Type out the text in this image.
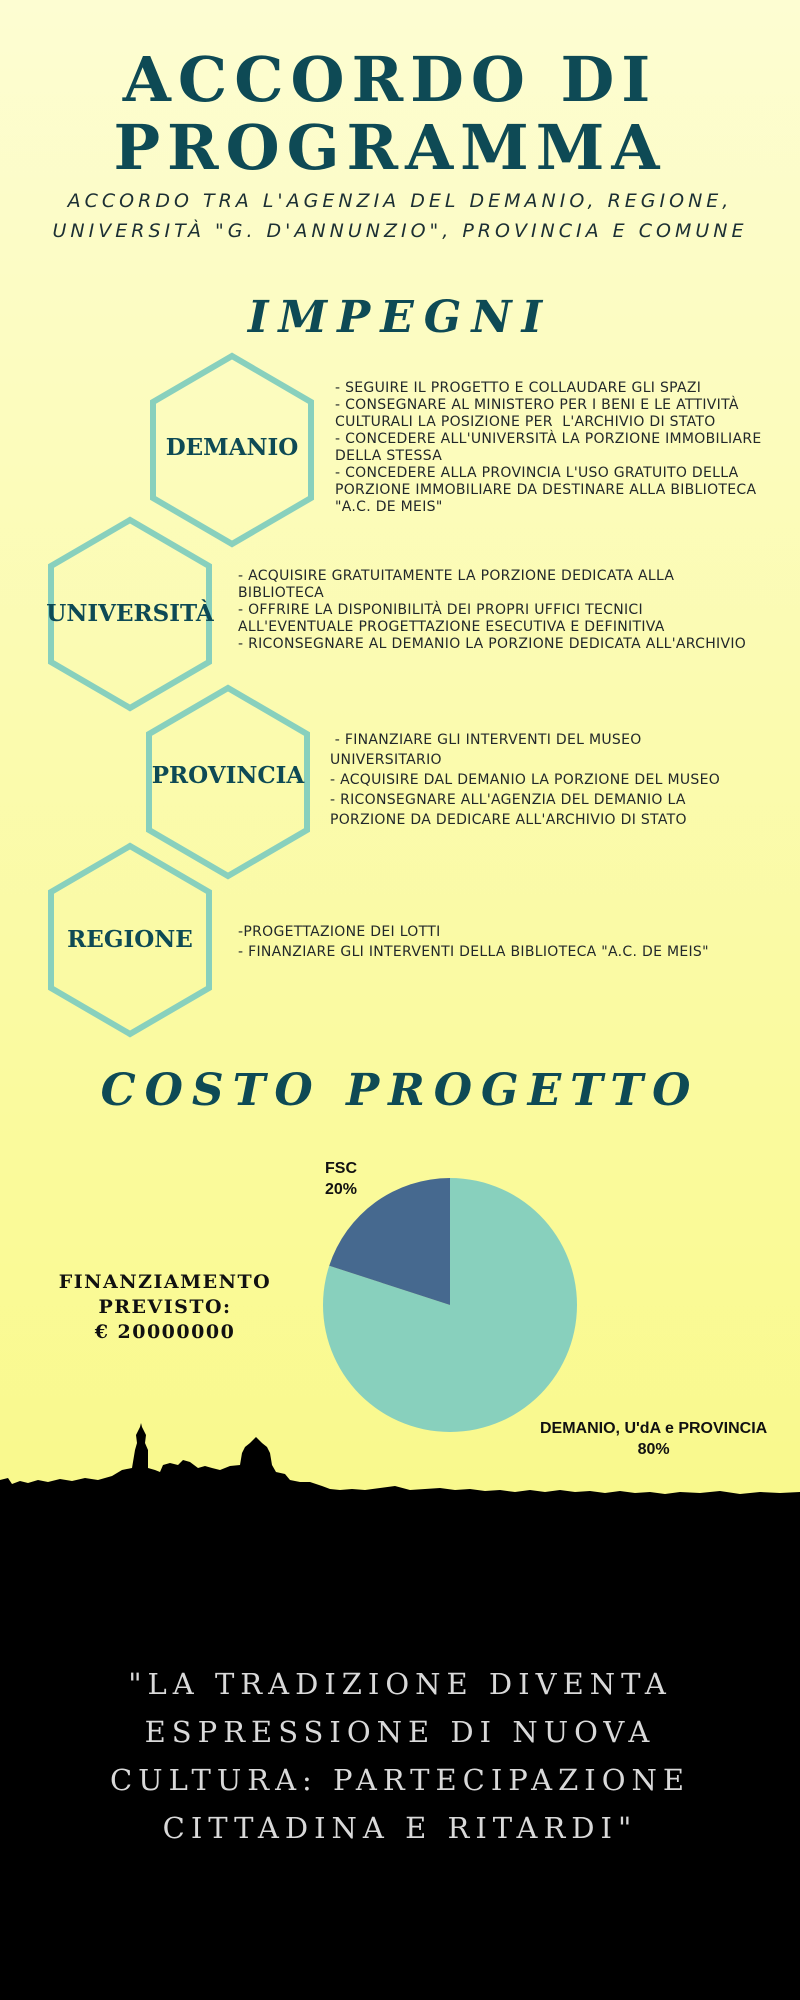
ACCORDO DI
PROGRAMMA
ACCORDO TRA L'AGENZIA DEL DEMANIO, REGIONE,
UNIVERSITÀ "G. D'ANNUNZIO", PROVINCIA E COMUNE
IMPEGNI
DEMANIO
- SEGUIRE IL PROGETTO E COLLAUDARE GLI SPAZI
- CONSEGNARE AL MINISTERO PER I BENI E LE ATTIVITÀ
CULTURALI LA POSIZIONE PER  L'ARCHIVIO DI STATO
- CONCEDERE ALL'UNIVERSITÀ LA PORZIONE IMMOBILIARE
DELLA STESSA
- CONCEDERE ALLA PROVINCIA L'USO GRATUITO DELLA
PORZIONE IMMOBILIARE DA DESTINARE ALLA BIBLIOTECA
"A.C. DE MEIS"
UNIVERSITÀ
- ACQUISIRE GRATUITAMENTE LA PORZIONE DEDICATA ALLA
BIBLIOTECA
- OFFRIRE LA DISPONIBILITÀ DEI PROPRI UFFICI TECNICI
ALL'EVENTUALE PROGETTAZIONE ESECUTIVA E DEFINITIVA
- RICONSEGNARE AL DEMANIO LA PORZIONE DEDICATA ALL'ARCHIVIO
PROVINCIA
- FINANZIARE GLI INTERVENTI DEL MUSEO
UNIVERSITARIO
- ACQUISIRE DAL DEMANIO LA PORZIONE DEL MUSEO
- RICONSEGNARE ALL'AGENZIA DEL DEMANIO LA
PORZIONE DA DEDICARE ALL'ARCHIVIO DI STATO
REGIONE	-PROGETTAZIONE DEI LOTTI
- FINANZIARE GLI INTERVENTI DELLA BIBLIOTECA "A.C. DE MEIS"
COSTO PROGETTO
FINANZIAMENTO
PREVISTO:
€ 20000000
FSC
20%
DEMANIO, U'dA e PROVINCIA
80%
"LA TRADIZIONE DIVENTA
ESPRESSIONE DI NUOVA
CULTURA: PARTECIPAZIONE
CITTADINA E RITARDI"
